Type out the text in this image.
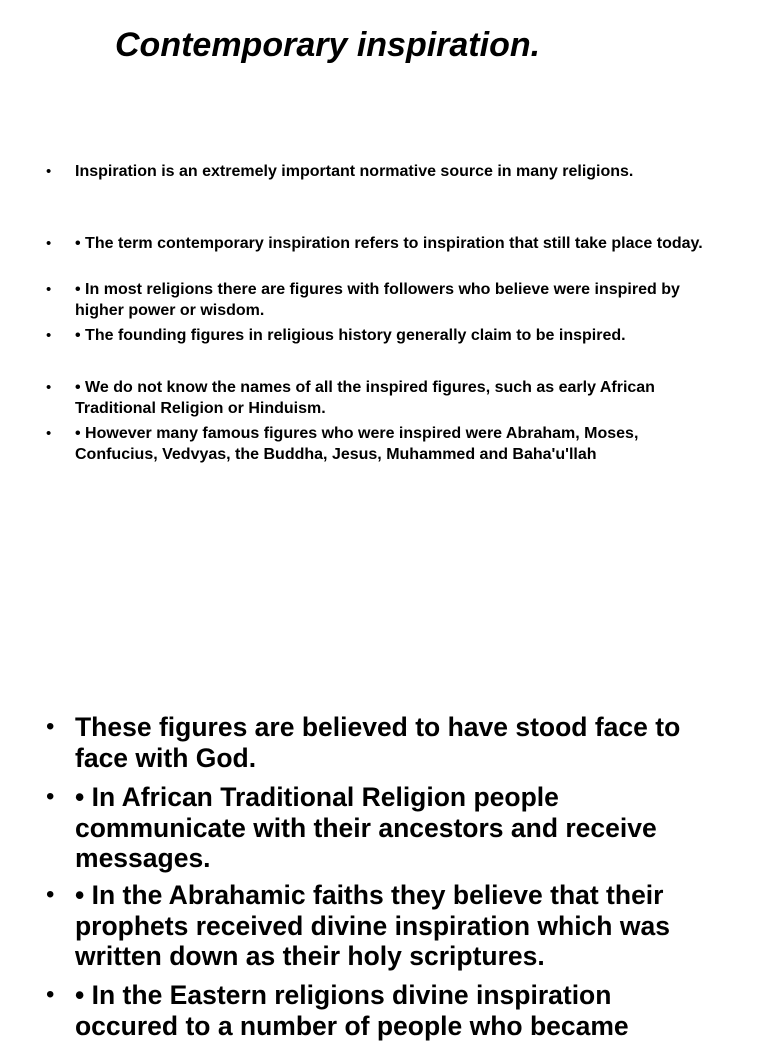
Contemporary inspiration.
•	Inspiration is an extremely important normative source in many religions.
•	• The term contemporary inspiration refers to inspiration that still take place today.
•	• In most religions there are figures with followers who believe were inspired by higher power or wisdom.
•	• The founding figures in religious history generally claim to be inspired.
•	• We do not know the names of all the inspired figures, such as early African Traditional Religion or Hinduism.
•	• However many famous figures who were inspired were Abraham, Moses, Confucius, Vedvyas, the Buddha, Jesus, Muhammed and Baha'u'llah
• These figures are believed to have stood face to face with God.
• • In African Traditional Religion people communicate with their ancestors and receive messages.
• • In the Abrahamic faiths they believe that their prophets received divine inspiration which was written down as their holy scriptures.
• • In the Eastern religions divine inspiration occured to a number of people who became
